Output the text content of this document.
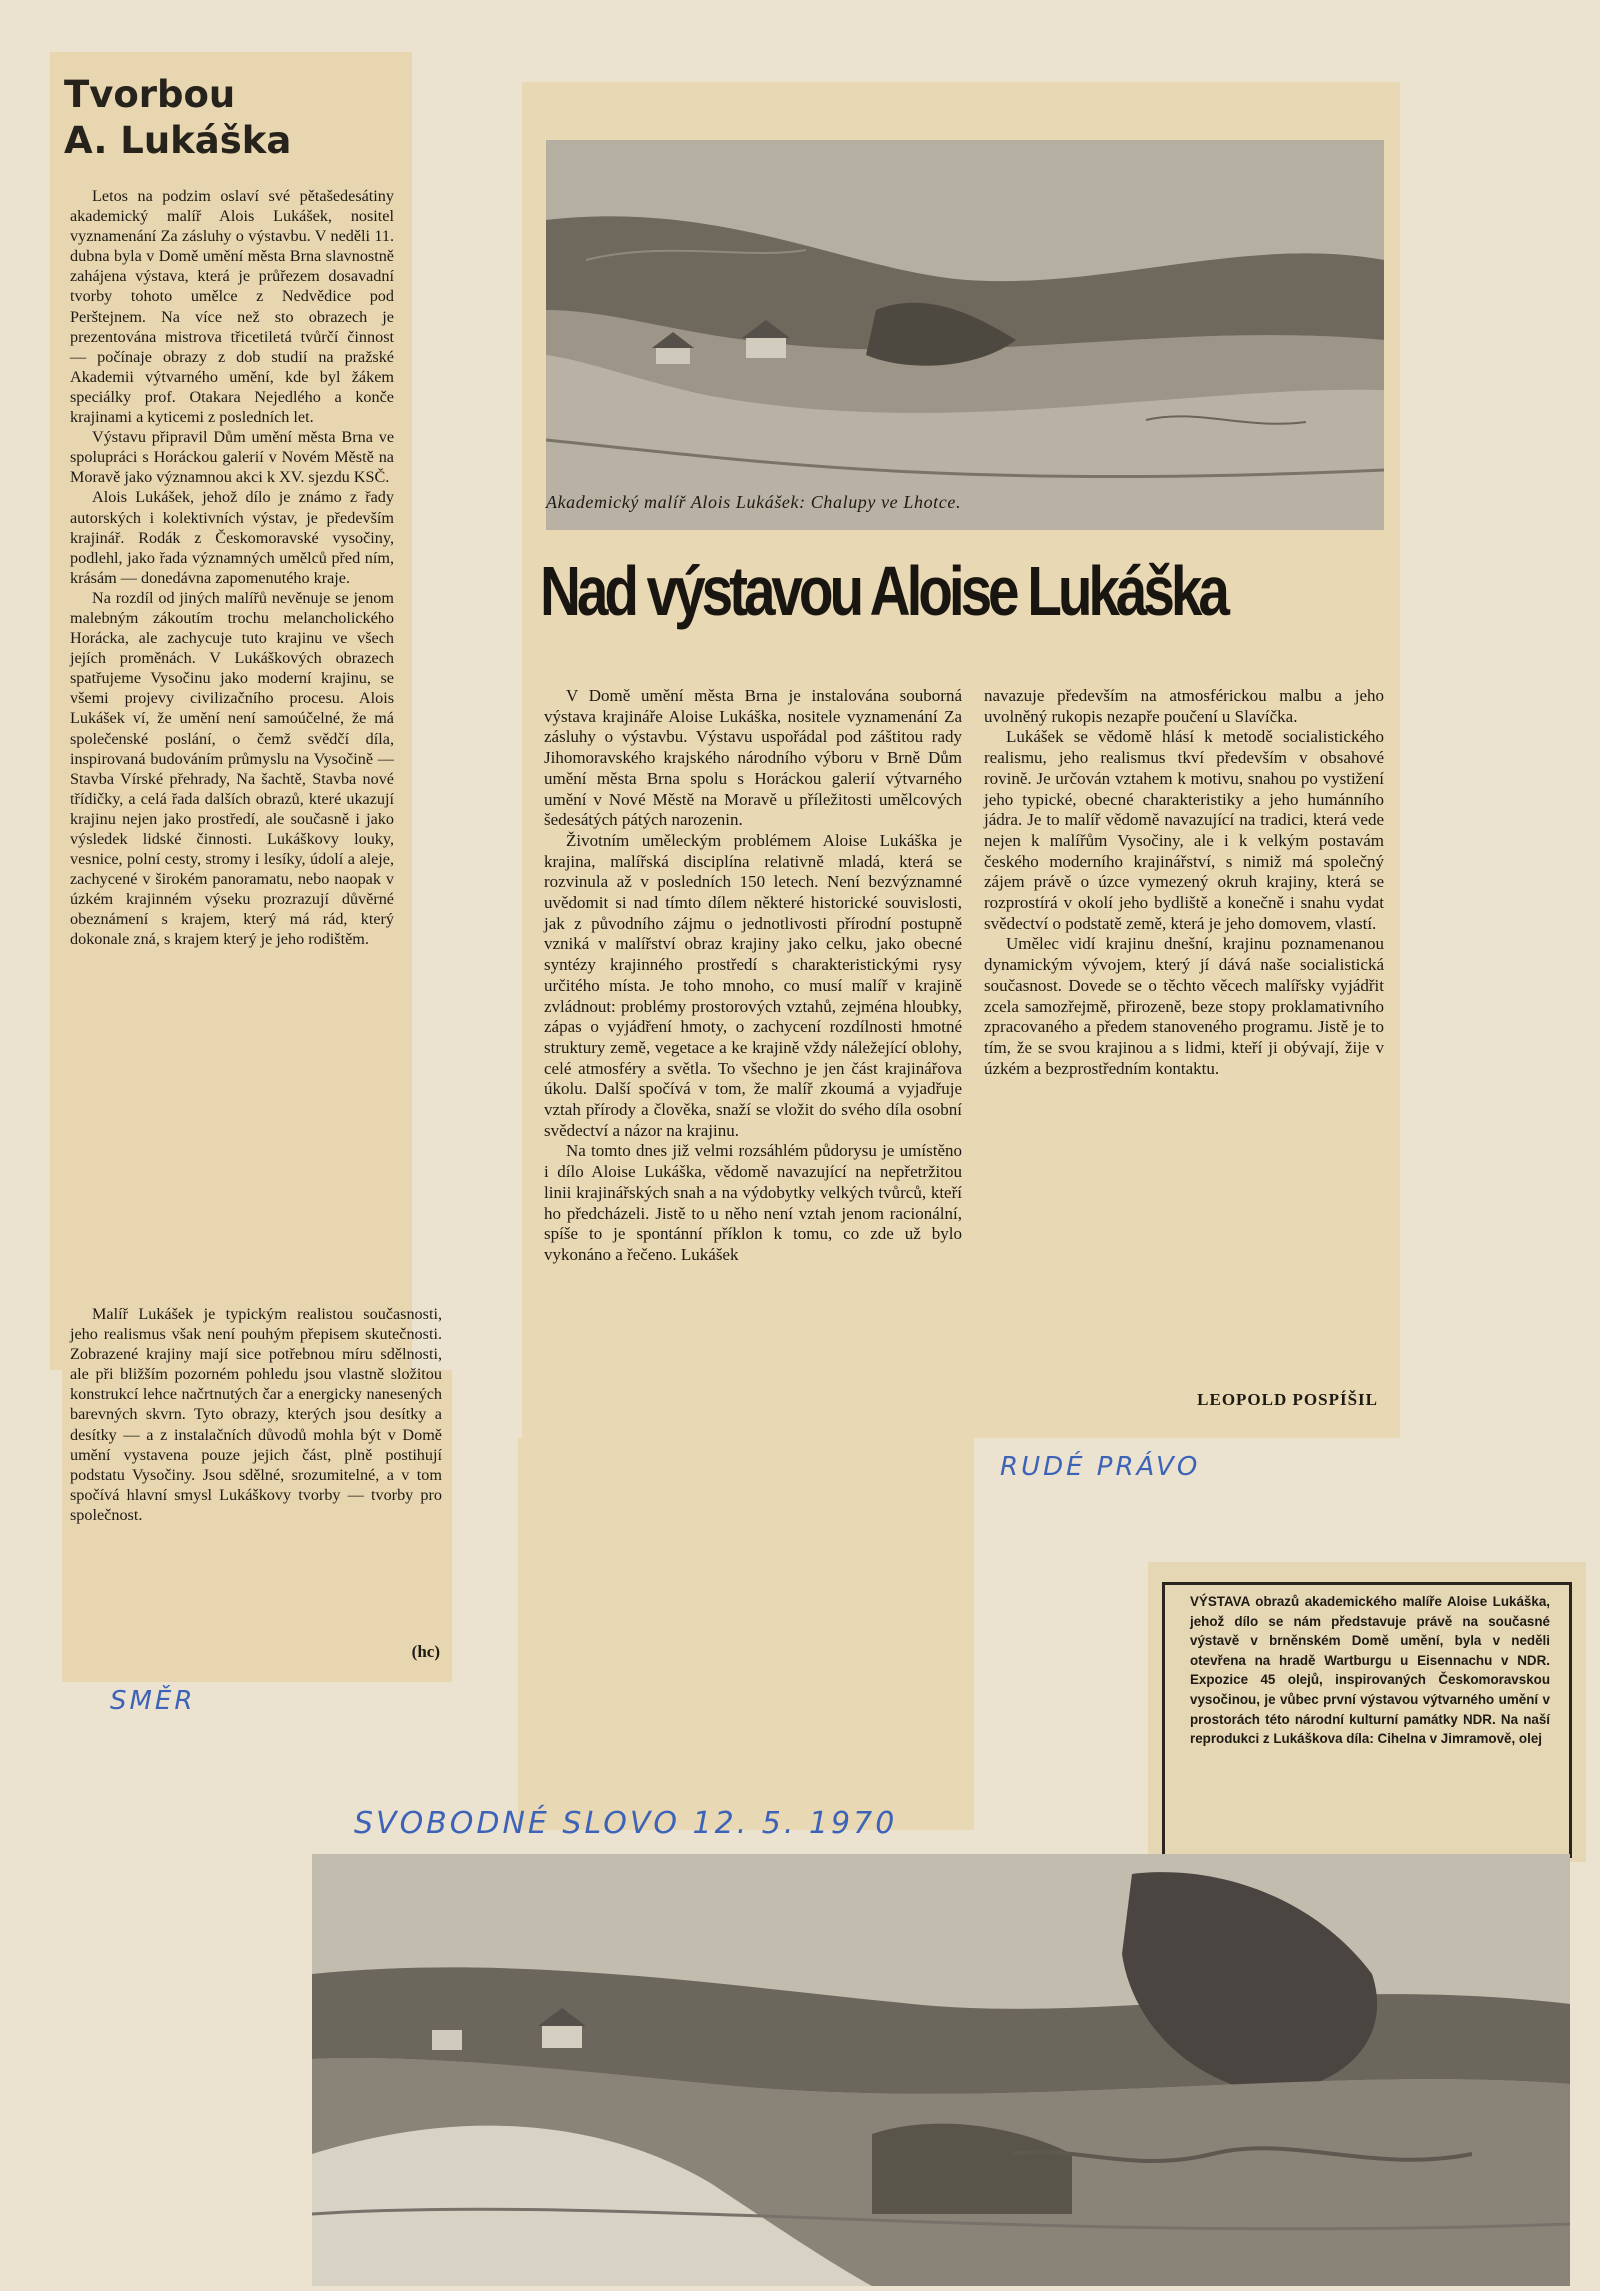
Tvorbou
A. Lukáška

Letos na podzim oslaví své pětašedesátiny akademický malíř Alois Lukášek, nositel vyznamenání Za zásluhy o výstavbu. V neděli 11. dubna byla v Domě umění města Brna slavnostně zahájena výstava, která je průřezem dosavadní tvorby tohoto umělce z Nedvědice pod Perštejnem. Na více než sto obrazech je prezentována mistrova třicetiletá tvůrčí činnost — počínaje obrazy z dob studií na pražské Akademii výtvarného umění, kde byl žákem speciálky prof. Otakara Nejedlého a konče krajinami a kyticemi z posledních let.

Výstavu připravil Dům umění města Brna ve spolupráci s Horáckou galerií v Novém Městě na Moravě jako významnou akci k XV. sjezdu KSČ.

Alois Lukášek, jehož dílo je známo z řady autorských i kolektivních výstav, je především krajinář. Rodák z Českomoravské vysočiny, podlehl, jako řada významných umělců před ním, krásám — donedávna zapomenutého kraje.

Na rozdíl od jiných malířů nevěnuje se jenom malebným zákoutím trochu melancholického Horácka, ale zachycuje tuto krajinu ve všech jejích proměnách. V Lukáškových obrazech spatřujeme Vysočinu jako moderní krajinu, se všemi projevy civilizačního procesu. Alois Lukášek ví, že umění není samoúčelné, že má společenské poslání, o čemž svědčí díla, inspirovaná budováním průmyslu na Vysočině — Stavba Vírské přehrady, Na šachtě, Stavba nové třídičky, a celá řada dalších obrazů, které ukazují krajinu nejen jako prostředí, ale současně i jako výsledek lidské činnosti. Lukáškovy louky, vesnice, polní cesty, stromy i lesíky, údolí a aleje, zachycené v širokém panoramatu, nebo naopak v úzkém krajinném výseku prozrazují důvěrné obeznámení s krajem, který má rád, který dokonale zná, s krajem který je jeho rodištěm.

Malíř Lukášek je typickým realistou současnosti, jeho realismus však není pouhým přepisem skutečnosti. Zobrazené krajiny mají sice potřebnou míru sdělnosti, ale při bližším pozorném pohledu jsou vlastně složitou konstrukcí lehce načrtnutých čar a energicky nanesených barevných skvrn. Tyto obrazy, kterých jsou desítky a desítky — a z instalačních důvodů mohla být v Domě umění vystavena pouze jejich část, plně postihují podstatu Vysočiny. Jsou sdělné, srozumitelné, a v tom spočívá hlavní smysl Lukáškovy tvorby — tvorby pro společnost.

(hc)
SMĚR
Akademický malíř Alois Lukášek: Chalupy ve Lhotce.
Nad výstavou Aloise Lukáška

V Domě umění města Brna je instalována souborná výstava krajináře Aloise Lukáška, nositele vyznamenání Za zásluhy o výstavbu. Výstavu uspořádal pod záštitou rady Jihomoravského krajského národního výboru v Brně Dům umění města Brna spolu s Horáckou galerií výtvarného umění v Nové Městě na Moravě u příležitosti umělcových šedesátých pátých narozenin.

Životním uměleckým problémem Aloise Lukáška je krajina, malířská disciplína relativně mladá, která se rozvinula až v posledních 150 letech. Není bezvýznamné uvědomit si nad tímto dílem některé historické souvislosti, jak z původního zájmu o jednotlivosti přírodní postupně vzniká v malířství obraz krajiny jako celku, jako obecné syntézy krajinného prostředí s charakteristickými rysy určitého místa. Je toho mnoho, co musí malíř v krajině zvládnout: problémy prostorových vztahů, zejména hloubky, zápas o vyjádření hmoty, o zachycení rozdílnosti hmotné struktury země, vegetace a ke krajině vždy náležející oblohy, celé atmosféry a světla. To všechno je jen část krajinářova úkolu. Další spočívá v tom, že malíř zkoumá a vyjadřuje vztah přírody a člověka, snaží se vložit do svého díla osobní svědectví a názor na krajinu.

Na tomto dnes již velmi rozsáhlém půdorysu je umístěno i dílo Aloise Lukáška, vědomě navazující na nepřetržitou linii krajinářských snah a na výdobytky velkých tvůrců, kteří ho předcházeli. Jistě to u něho není vztah jenom racionální, spíše to je spontánní příklon k tomu, co zde už bylo vykonáno a řečeno. Lukášek

navazuje především na atmosférickou malbu a jeho uvolněný rukopis nezapře poučení u Slavíčka.

Lukášek se vědomě hlásí k metodě socialistického realismu, jeho realismus tkví především v obsahové rovině. Je určován vztahem k motivu, snahou po vystižení jeho typické, obecné charakteristiky a jeho humánního jádra. Je to malíř vědomě navazující na tradici, která vede nejen k malířům Vysočiny, ale i k velkým postavám českého moderního krajinářství, s nimiž má společný zájem právě o úzce vymezený okruh krajiny, která se rozprostírá v okolí jeho bydliště a konečně i snahu vydat svědectví o podstatě země, která je jeho domovem, vlastí.

Umělec vidí krajinu dnešní, krajinu poznamenanou dynamickým vývojem, který jí dává naše socialistická současnost. Dovede se o těchto věcech malířsky vyjádřit zcela samozřejmě, přirozeně, beze stopy proklamativního zpracovaného a předem stanoveného programu. Jistě je to tím, že se svou krajinou a s lidmi, kteří ji obývají, žije v úzkém a bezprostředním kontaktu.

LEOPOLD POSPÍŠIL
RUDÉ PRÁVO
VÝSTAVA obrazů akademického malíře Aloise Lukáška, jehož dílo se nám představuje právě na současné výstavě v brněnském Domě umění, byla v neděli otevřena na hradě Wartburgu u Eisennachu v NDR. Expozice 45 olejů, inspirovaných Českomoravskou vysočinou, je vůbec první výstavou výtvarného umění v prostorách této národní kulturní památky NDR. Na naší reprodukci z Lukáškova díla: Cihelna v Jimramově, olej
SVOBODNÉ SLOVO 12. 5. 1970
